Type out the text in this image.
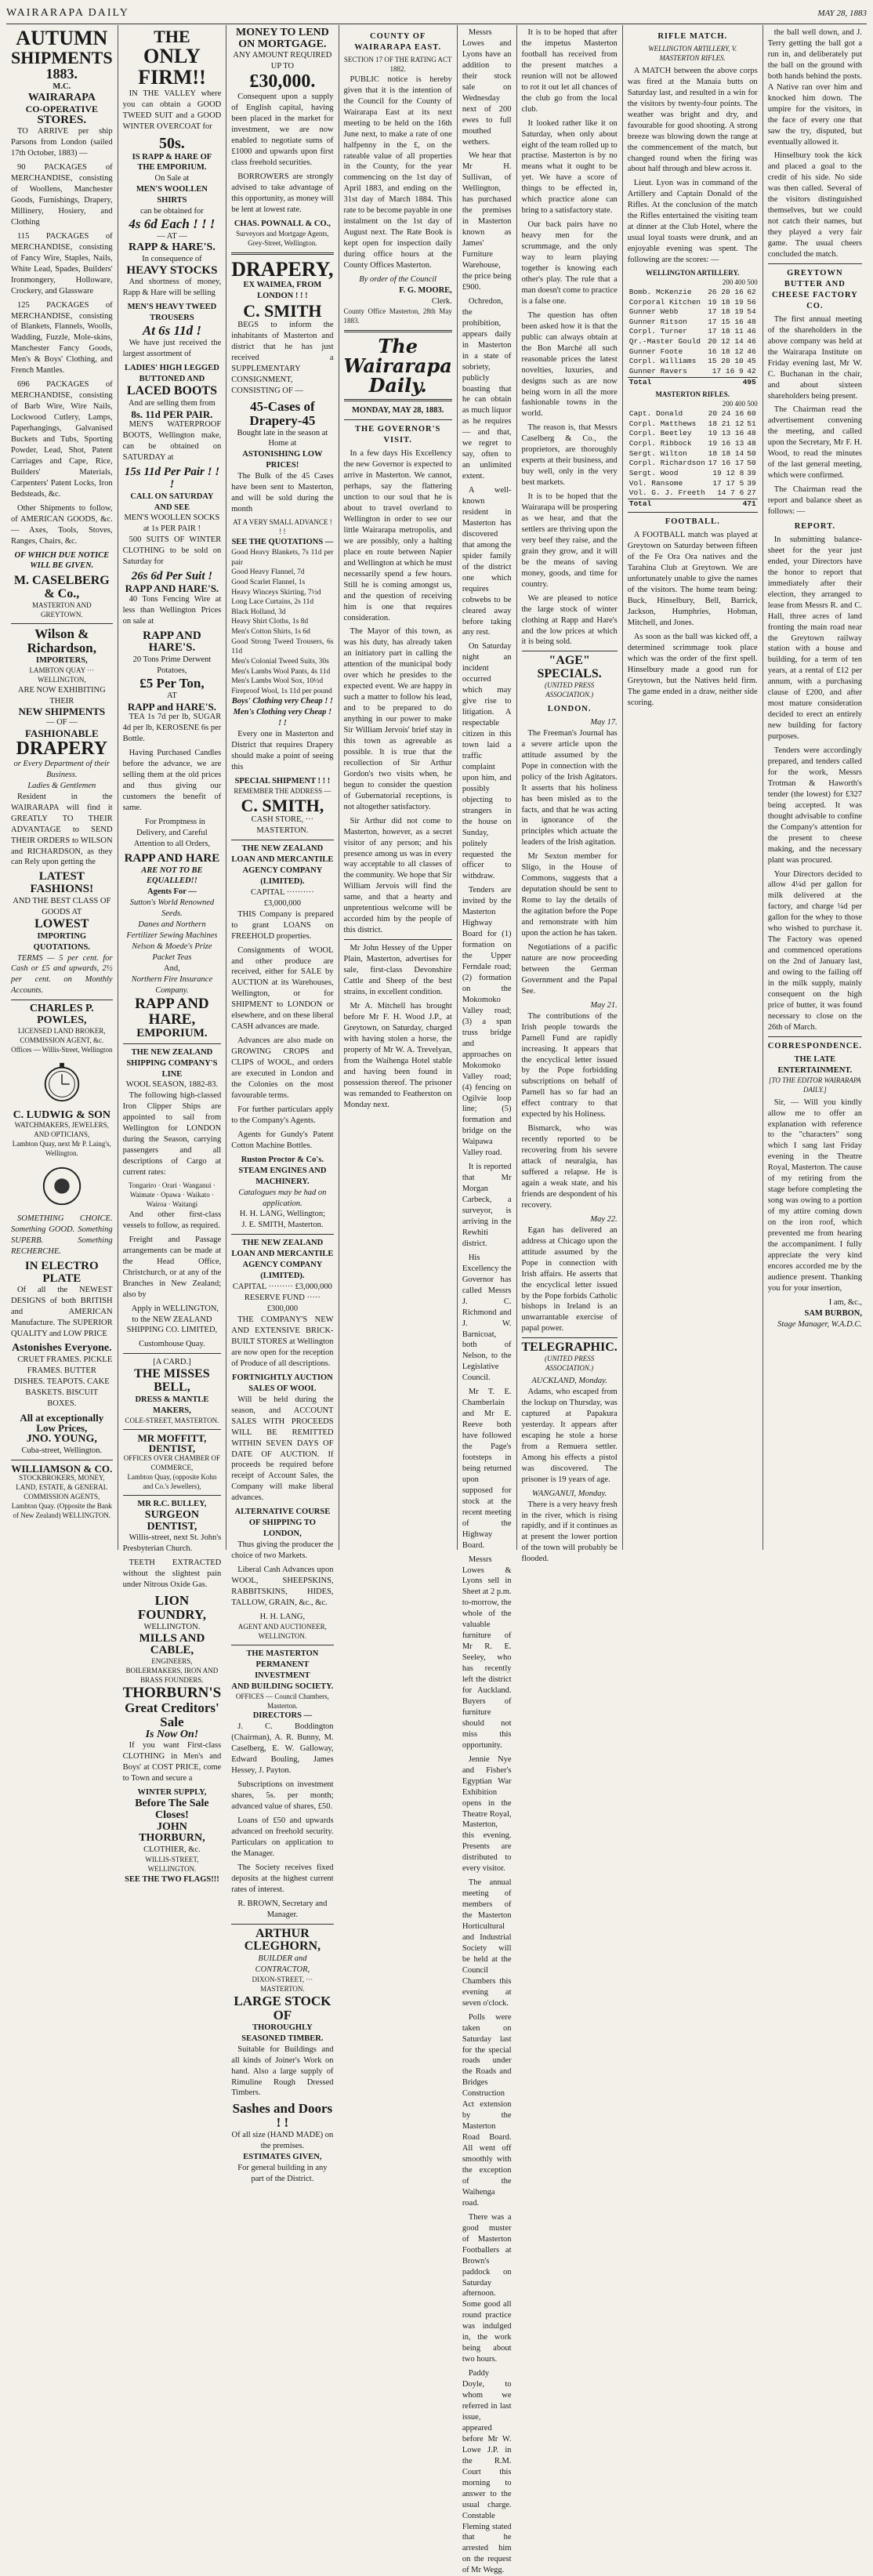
WAIRARAPA DAILY	MAY 28, 1883
AUTUMN
SHIPMENTS
1883.
M.C.
WAIRARAPA
CO-OPERATIVE
STORES.

TO ARRIVE per ship Parsons from London (sailed 17th October, 1883) —

90 PACKAGES of MERCHANDISE, consisting of Woollens, Manchester Goods, Furnishings, Drapery, Millinery, Hosiery, and Clothing

115 PACKAGES of MERCHANDISE, consisting of Fancy Wire, Staples, Nails, White Lead, Spades, Builders' Ironmongery, Holloware, Crockery, and Glassware

125 PACKAGES of MERCHANDISE, consisting of Blankets, Flannels, Woolls, Wadding, Fuzzle, Mole-skins, Manchester Fancy Goods, Men's & Boys' Clothing, and French Mantles.

696 PACKAGES of MERCHANDISE, consisting of Barb Wire, Wire Nails, Lockwood Cutlery, Lamps, Paperhangings, Galvanised Buckets and Tubs, Sporting Powder, Lead, Shot, Patent Carriages and Cape, Rice, Builders' Materials, Carpenters' Patent Locks, Iron Bedsteads, &c.

Other Shipments to follow, of AMERICAN GOODS, &c. — Axes, Tools, Stoves, Ranges, Chairs, &c.

OF WHICH DUE NOTICE WILL BE GIVEN.
M. CASELBERG & Co.,
MASTERTON AND GREYTOWN.
Wilson & Richardson,
IMPORTERS,
LAMBTON QUAY ··· WELLINGTON,
ARE NOW EXHIBITING THEIR
NEW SHIPMENTS
— OF —
FASHIONABLE
DRAPERY
or Every Department of their Business.
Ladies & Gentlemen

Resident in the WAIRARAPA will find it GREATLY TO THEIR ADVANTAGE to SEND THEIR ORDERS to WILSON and RICHARDSON, as they can Rely upon getting the

LATEST FASHIONS!
AND THE BEST CLASS OF GOODS AT
LOWEST
IMPORTING QUOTATIONS.

TERMS — 5 per cent. for Cash or £5 and upwards, 2½ per cent. on Monthly Accounts.

CHARLES P. POWLES,
LICENSED LAND BROKER, COMMISSION AGENT, &c.
Offices — Willis-Street, Wellington
C. LUDWIG & SON
WATCHMAKERS, JEWELERS, AND OPTICIANS,
Lambton Quay, next Mr P. Laing's, Wellington.

SOMETHING CHOICE. Something GOOD. Something SUPERB. Something RECHERCHE.

IN ELECTRO PLATE

Of all the NEWEST DESIGNS of both BRITISH and AMERICAN Manufacture. The SUPERIOR QUALITY and LOW PRICE

Astonishes Everyone.

CRUET FRAMES. PICKLE FRAMES. BUTTER DISHES. TEAPOTS. CAKE BASKETS. BISCUIT BOXES.

All at exceptionally Low Prices,
JNO. YOUNG,
Cuba-street, Wellington.
WILLIAMSON & CO.
STOCKBROKERS, MONEY, LAND, ESTATE, & GENERAL COMMISSION AGENTS, Lambton Quay. (Opposite the Bank of New Zealand) WELLINGTON.
THE
ONLY FIRM!!

IN THE VALLEY where you can obtain a GOOD TWEED SUIT and a GOOD WINTER OVERCOAT for

50s.
IS RAPP & HARE OF THE EMPORIUM.
On Sale at
MEN'S WOOLLEN SHIRTS
can be obtained for
4s 6d Each ! ! !
— AT —
RAPP & HARE'S.
In consequence of
HEAVY STOCKS

And shortness of money, Rapp & Hare will be selling

MEN'S HEAVY TWEED TROUSERS
At 6s 11d !

We have just received the largest assortment of

LADIES' HIGH LEGGED BUTTONED AND
LACED BOOTS
And are selling them from
8s. 11d PER PAIR.

MEN'S WATERPROOF BOOTS, Wellington make, can be obtained on SATURDAY at

15s 11d Per Pair ! ! !
CALL ON SATURDAY AND SEE
MEN'S WOOLLEN SOCKS at 1s PER PAIR !

500 SUITS OF WINTER CLOTHING to be sold on Saturday for

26s 6d Per Suit !
RAPP AND HARE'S.

40 Tons Fencing Wire at less than Wellington Prices on sale at

RAPP AND HARE'S.
20 Tons Prime Derwent Potatoes,
£5 Per Ton,
AT
RAPP and HARE'S.

TEA 1s 7d per lb, SUGAR 4d per lb, KEROSENE 6s per Bottle.

Having Purchased Candles before the advance, we are selling them at the old prices and thus giving our customers the benefit of same.

For Promptness in Delivery, and Careful Attention to all Orders,

RAPP AND HARE
ARE NOT TO BE EQUALLED!!
Agents For —
Sutton's World Renowned Seeds.
Danes and Northern Fertilizer Sewing Machines
Nelson & Moede's Prize Packet Teas
And,
Northern Fire Insurance Company.
RAPP AND HARE,
EMPORIUM.
THE NEW ZEALAND SHIPPING COMPANY'S LINE
WOOL SEASON, 1882-83.

The following high-classed Iron Clipper Ships are appointed to sail from Wellington for LONDON during the Season, carrying passengers and all descriptions of Cargo at current rates:

Tongariro · Orari · Wanganui · Waimate · Opawa · Waikato · Wairoa · Waitangi

And other first-class vessels to follow, as required.

Freight and Passage arrangements can be made at the Head Office, Christchurch, or at any of the Branches in New Zealand; also by

Apply in WELLINGTON, to the NEW ZEALAND SHIPPING CO. LIMITED,

Customhouse Quay.
[A CARD.]
THE MISSES BELL,
DRESS & MANTLE MAKERS,
COLE-STREET, MASTERTON.
MR MOFFITT, DENTIST,
OFFICES OVER CHAMBER OF COMMERCE,
Lambton Quay, (opposite Kohn and Co.'s Jewellers),
MR R.C. BULLEY,
SURGEON DENTIST,

Willis-street, next St. John's Presbyterian Church.

TEETH EXTRACTED without the slightest pain under Nitrous Oxide Gas.

LION FOUNDRY,
WELLINGTON.
MILLS AND CABLE,
ENGINEERS, BOILERMAKERS, IRON AND BRASS FOUNDERS.
THORBURN'S
Great Creditors' Sale
Is Now On!

If you want First-class CLOTHING in Men's and Boys' at COST PRICE, come to Town and secure a

WINTER SUPPLY,
Before The Sale Closes!
JOHN THORBURN,
CLOTHIER, &c.
WILLIS-STREET, WELLINGTON.
SEE THE TWO FLAGS!!!
MONEY TO LEND ON MORTGAGE.
ANY AMOUNT REQUIRED UP TO
£30,000.

Consequent upon a supply of English capital, having been placed in the market for investment, we are now enabled to negotiate sums of £1000 and upwards upon first class freehold securities.

BORROWERS are strongly advised to take advantage of this opportunity, as money will be lent at lowest rate.

CHAS. POWNALL & CO.,
Surveyors and Mortgage Agents, Grey-Street, Wellington.
DRAPERY,
EX WAIMEA, FROM LONDON ! ! !
C. SMITH

BEGS to inform the inhabitants of Masterton and district that he has just received a SUPPLEMENTARY CONSIGNMENT, CONSISTING OF —

45-Cases of Drapery-45
Bought late in the season at Home at
ASTONISHING LOW PRICES!

The Bulk of the 45 Cases have been sent to Masterton, and will be sold during the month

AT A VERY SMALL ADVANCE ! ! !
SEE THE QUOTATIONS —
Good Heavy Blankets, 7s 11d per pair
Good Heavy Flannel, 7d
Good Scarlet Flannel, 1s
Heavy Winceys Skirting, 7½d
Long Lace Curtains, 2s 11d
Black Holland, 3d
Heavy Shirt Cloths, 1s 8d
Men's Cotton Shirts, 1s 6d
Good Strong Tweed Trousers, 6s 11d
Men's Colonial Tweed Suits, 30s
Men's Lambs Wool Pants, 4s 11d
Men's Lambs Wool Sox, 10½d
Fireproof Wool, 1s 11d per pound
Boys' Clothing very Cheap ! !
Men's Clothing very Cheap ! ! !

Every one in Masterton and District that requires Drapery should make a point of seeing this

SPECIAL SHIPMENT ! ! !
REMEMBER THE ADDRESS —
C. SMITH,
CASH STORE, ··· MASTERTON.
THE NEW ZEALAND LOAN AND MERCANTILE AGENCY COMPANY (LIMITED).
CAPITAL ·········· £3,000,000

THIS Company is prepared to grant LOANS on FREEHOLD properties.

Consignments of WOOL and other produce are received, either for SALE by AUCTION at its Warehouses, Wellington, or for SHIPMENT to LONDON or elsewhere, and on these liberal CASH advances are made.

Advances are also made on GROWING CROPS and CLIPS of WOOL, and orders are executed in London and the Colonies on the most favourable terms.

For further particulars apply to the Company's Agents.

Agents for Gundy's Patent Cotton Machine Bottles.

Ruston Proctor & Co's. STEAM ENGINES AND MACHINERY.
Catalogues may be had on application.
H. H. LANG, Wellington;
J. E. SMITH, Masterton.
THE NEW ZEALAND LOAN AND MERCANTILE AGENCY COMPANY (LIMITED).
CAPITAL ········· £3,000,000
RESERVE FUND ····· £300,000

THE COMPANY'S NEW AND EXTENSIVE BRICK-BUILT STORES at Wellington are now open for the reception of Produce of all descriptions.

FORTNIGHTLY AUCTION SALES OF WOOL

Will be held during the season, and ACCOUNT SALES WITH PROCEEDS WILL BE REMITTED WITHIN SEVEN DAYS OF DATE OF AUCTION. If proceeds be required before receipt of Account Sales, the Company will make liberal advances.

ALTERNATIVE COURSE OF SHIPPING TO LONDON,

Thus giving the producer the choice of two Markets.

Liberal Cash Advances upon WOOL, SHEEPSKINS, RABBITSKINS, HIDES, TALLOW, GRAIN, &c., &c.

H. H. LANG,
AGENT AND AUCTIONEER, WELLINGTON.
THE MASTERTON PERMANENT INVESTMENT
AND BUILDING SOCIETY.
OFFICES — Council Chambers, Masterton.
DIRECTORS —

J. C. Boddington (Chairman), A. R. Bunny, M. Caselberg, E. W. Galloway, Edward Bouling, James Hessey, J. Payton.

Subscriptions on investment shares, 5s. per month; advanced value of shares, £50.

Loans of £50 and upwards advanced on freehold security. Particulars on application to the Manager.

The Society receives fixed deposits at the highest current rates of interest.

R. BROWN, Secretary and Manager.
ARTHUR CLEGHORN,
BUILDER and CONTRACTOR,
DIXON-STREET, ··· MASTERTON.
LARGE STOCK OF
THOROUGHLY SEASONED TIMBER.

Suitable for Buildings and all kinds of Joiner's Work on hand. Also a large supply of Rimuline Rough Dressed Timbers.

Sashes and Doors ! !
Of all size (HAND MADE) on the premises.
ESTIMATES GIVEN,
For general building in any part of the District.
COUNTY OF WAIRARAPA EAST.
SECTION 17 OF THE RATING ACT 1882.

PUBLIC notice is hereby given that it is the intention of the Council for the County of Wairarapa East at its next meeting to be held on the 16th June next, to make a rate of one halfpenny in the £, on the rateable value of all properties in the County, for the year commencing on the 1st day of April 1883, and ending on the 31st day of March 1884. This rate to be become payable in one instalment on the 1st day of August next. The Rate Book is kept open for inspection daily during office hours at the County Offices Masterton.

By order of the Council
F. G. MOORE,
Clerk.
County Office Masterton, 28th May 1883.
The Wairarapa Daily.
MONDAY, MAY 28, 1883.
THE GOVERNOR'S VISIT.

In a few days His Excellency the new Governor is expected to arrive in Masterton. We cannot, perhaps, say the flattering unction to our soul that he is about to travel overland to Wellington in order to see our little Wairarapa metropolis, and we are possibly, only a halting place en route between Napier and Wellington at which he must necessarily spend a few hours. Still he is coming amongst us, and the question of receiving him is one that requires consideration.

The Mayor of this town, as was his duty, has already taken an initiatory part in calling the attention of the municipal body over which he presides to the expected event. We are happy in such a matter to follow his lead, and to be prepared to do anything in our power to make Sir William Jervois' brief stay in this town as agreeable as possible. It is true that the recollection of Sir Arthur Gordon's two visits when, he begun to consider the question of Gubernatorial receptions, is not altogether satisfactory.

Sir Arthur did not come to Masterton, however, as a secret visitor of any person; and his presence among us was in every way acceptable to all classes of the community. We hope that Sir William Jervois will find the same, and that a hearty and unpretentious welcome will be accorded him by the people of this district.

Mr John Hessey of the Upper Plain, Masterton, advertises for sale, first-class Devonshire Cattle and Sheep of the best strains, in excellent condition.

Mr A. Mitchell has brought before Mr F. H. Wood J.P., at Greytown, on Saturday, charged with having stolen a horse, the property of Mr W. A. Trevelyan, from the Waihenga Hotel stable and having been found in possession thereof. The prisoner was remanded to Featherston on Monday next.

Messrs Lowes and Lyons have an addition to their stock sale on Wednesday next of 200 ewes to full mouthed wethers.

We hear that Mr H. Sullivan, of Wellington, has purchased the premises in Masterton known as James' Furniture Warehouse, the price being £900.

Ochredon, the prohibition, appears daily in Masterton in a state of sobriety, publicly boasting that he can obtain as much liquor as he requires — and that, we regret to say, often to an unlimited extent.

A well-known resident in Masterton has discovered that among the spider family of the district one which requires cobwebs to be cleared away before taking any rest.

On Saturday night an incident occurred which may give rise to litigation. A respectable citizen in this town laid a traffic complaint upon him, and possibly objecting to strangers in the house on Sunday, politely requested the officer to withdraw.

Tenders are invited by the Masterton Highway Board for (1) formation on the Upper Ferndale road; (2) formation on the Mokomoko Valley road; (3) a span truss bridge and approaches on Mokomoko Valley road; (4) fencing on Ogilvie loop line; (5) formation and bridge on the Waipawa Valley road.

It is reported that Mr Morgan Carbeck, a surveyor, is arriving in the Rewhiti district.

His Excellency the Governor has called Messrs J. C. Richmond and J. W. Barnicoat, both of Nelson, to the Legislative Council.

Mr T. E. Chamberlain and Mr E. Reeve both have followed the Page's footsteps in being returned upon supposed for stock at the recent meeting of the Highway Board.

Messrs Lowes & Lyons sell in Sheet at 2 p.m. to-morrow, the whole of the valuable furniture of Mr R. E. Seeley, who has recently left the district for Auckland. Buyers of furniture should not miss this opportunity.

Jennie Nye and Fisher's Egyptian War Exhibition opens in the Theatre Royal, Masterton, this evening. Presents are distributed to every visitor.

The annual meeting of members of the Masterton Horticultural and Industrial Society will be held at the Council Chambers this evening at seven o'clock.

Polls were taken on Saturday last for the special roads under the Roads and Bridges Construction Act extension by the Masterton Road Board. All went off smoothly with the exception of the Waihenga road.

There was a good muster of Masterton Footballers at Brown's paddock on Saturday afternoon. Some good all round practice was indulged in, the work being about two hours.

Paddy Doyle, to whom we referred in last issue, appeared before Mr W. Lowe J.P. in the R.M. Court this morning to answer to the usual charge. Constable Fleming stated that he arrested him on the request of Mr Wegg.

It is to be hoped that after the impetus Masterton football has received from the present matches a reunion will not be allowed to rot it out let all chances of the club go from the local club.

It looked rather like it on Saturday, when only about eight of the team rolled up to practise. Masterton is by no means what it ought to be yet. We have a score of things to be effected in, which practice alone can bring to a satisfactory state.

Our back pairs have no heavy men for the scrummage, and the only way to learn playing together is knowing each other's play. The rule that a man doesn't come to practice is a false one.

The question has often been asked how it is that the public can always obtain at the Bon Marché all such reasonable prices the latest novelties, luxuries, and designs such as are now being worn in all the more fashionable towns in the world.

The reason is, that Messrs Caselberg & Co., the proprietors, are thoroughly experts at their business, and buy well, only in the very best markets.

It is to be hoped that the Wairarapa will be prospering as we hear, and that the settlers are thriving upon the very beef they raise, and the grain they grow, and it will be the means of saving money, goods, and time for country.

We are pleased to notice the large stock of winter clothing at Rapp and Hare's and the low prices at which it is being sold.

"AGE" SPECIALS.
(UNITED PRESS ASSOCIATION.)
LONDON.
May 17.

The Freeman's Journal has a severe article upon the attitude assumed by the Pope in connection with the policy of the Irish Agitators. It asserts that his holiness has been misled as to the facts, and that he was acting in ignorance of the principles which actuate the leaders of the Irish agitation.

Mr Sexton member for Sligo, in the House of Commons, suggests that a deputation should be sent to Rome to lay the details of the agitation before the Pope and remonstrate with him upon the action he has taken.

Negotiations of a pacific nature are now proceeding between the German Government and the Papal See.

May 21.

The contributions of the Irish people towards the Parnell Fund are rapidly increasing. It appears that the encyclical letter issued by the Pope forbidding subscriptions on behalf of Parnell has so far had an effect contrary to that expected by his Holiness.

Bismarck, who was recently reported to be recovering from his severe attack of neuralgia, has suffered a relapse. He is again a weak state, and his friends are despondent of his recovery.

May 22.

Egan has delivered an address at Chicago upon the attitude assumed by the Pope in connection with Irish affairs. He asserts that the encyclical letter issued by the Pope forbids Catholic bishops in Ireland is an unwarrantable exercise of papal power.

TELEGRAPHIC.
(UNITED PRESS ASSOCIATION.)
AUCKLAND, Monday.

Adams, who escaped from the lockup on Thursday, was captured at Papakura yesterday. It appears after escaping he stole a horse from a Remuera settler. Among his effects a pistol was discovered. The prisoner is 19 years of age.

WANGANUI, Monday.

There is a very heavy fresh in the river, which is rising rapidly, and if it continues as at present the lower portion of the town will probably be flooded.

RIFLE MATCH.
WELLINGTON ARTILLERY, V. MASTERTON RIFLES.

A MATCH between the above corps was fired at the Manaia butts on Saturday last, and resulted in a win for the visitors by twenty-four points. The weather was bright and dry, and favourable for good shooting. A strong breeze was blowing down the range at the commencement of the match, but changed round when the firing was about half through and blew across it.

Lieut. Lyon was in command of the Artillery and Captain Donald of the Rifles. At the conclusion of the match the Rifles entertained the visiting team at dinner at the Club Hotel, where the usual loyal toasts were drunk, and an enjoyable evening was spent. The following are the scores: —

WELLINGTON ARTILLERY.
200 400 500
Bomb. McKenzie	26 20 16	62
Corporal Kitchen	19 18 19	56
Gunner Webb	17 18 19	54
Gunner Ritson	17 15 16	48
Corpl. Turner	17 18 11	46
Qr.-Master Gould	20 12 14	46
Gunner Foote	16 18 12	46
Corpl. Williams	15 20 10	45
Gunner Ravers	17 16 9	42
Total	495
MASTERTON RIFLES.
200 400 500
Capt. Donald	20 24 16	60
Corpl. Matthews	18 21 12	51
Corpl. Beetley	19 13 16	48
Corpl. Ribbock	19 16 13	48
Sergt. Wilton	18 18 14	50
Corpl. Richardson	17 16 17	50
Sergt. Wood	19 12 8	39
Vol. Ransome	17 17 5	39
Vol. G. J. Freeth	14 7 6	27
Total	471
FOOTBALL.

A FOOTBALL match was played at Greytown on Saturday between fifteen of the Fe Ora Ora natives and the Tarahina Club at Greytown. We are unfortunately unable to give the names of the visitors. The home team being: Buck, Hinselbury, Bell, Barrick, Jackson, Humphries, Hobman, Mitchell, and Jones.

As soon as the ball was kicked off, a determined scrimmage took place which was the order of the first spell. Hinselbury made a good run for Greytown, but the Natives held firm. The game ended in a draw, neither side scoring.

the ball well down, and J. Terry getting the ball got a run in, and deliberately put the ball on the ground with both hands behind the posts. A Native ran over him and knocked him down. The umpire for the visitors, in the face of every one that saw the try, disputed, but eventually allowed it.

Hinselbury took the kick and placed a goal to the credit of his side. No side was then called. Several of the visitors distinguished themselves, but we could not catch their names, but they played a very fair game. The usual cheers concluded the match.

GREYTOWN BUTTER AND CHEESE FACTORY CO.

The first annual meeting of the shareholders in the above company was held at the Wairarapa Institute on Friday evening last, Mr W. C. Buchanan in the chair, and about sixteen shareholders being present.

The Chairman read the advertisement convening the meeting, and called upon the Secretary, Mr F. H. Wood, to read the minutes of the last general meeting, which were confirmed.

The Chairman read the report and balance sheet as follows: —

REPORT.

In submitting balance-sheet for the year just ended, your Directors have the honor to report that immediately after their election, they arranged to lease from Messrs R. and C. Hall, three acres of land fronting the main road near the Greytown railway station with a house and building, for a term of ten years, at a rental of £12 per annum, with a purchasing clause of £200, and after most mature consideration decided to erect an entirely new building for factory purposes.

Tenders were accordingly prepared, and tenders called for the work, Messrs Trotman & Haworth's tender (the lowest) for £327 being accepted. It was thought advisable to confine the Company's attention for the present to cheese making, and the necessary plant was procured.

Your Directors decided to allow 4¼d per gallon for milk delivered at the factory, and charge ¼d per gallon for the whey to those who wished to purchase it. The Factory was opened and commenced operations on the 2nd of January last, and owing to the failing off in the milk supply, mainly consequent on the high price of butter, it was found necessary to close on the 26th of March.

CORRESPONDENCE.
THE LATE ENTERTAINMENT.
[TO THE EDITOR WAIRARAPA DAILY.]

Sir, — Will you kindly allow me to offer an explanation with reference to the "characters" song which I sang last Friday evening in the Theatre Royal, Masterton. The cause of my retiring from the stage before completing the song was owing to a portion of my attire coming down on the iron roof, which prevented me from hearing the accompaniment. I fully appreciate the very kind encores accorded me by the audience present. Thanking you for your insertion,

I am, &c.,
SAM BURBON,
Stage Manager, W.A.D.C.
